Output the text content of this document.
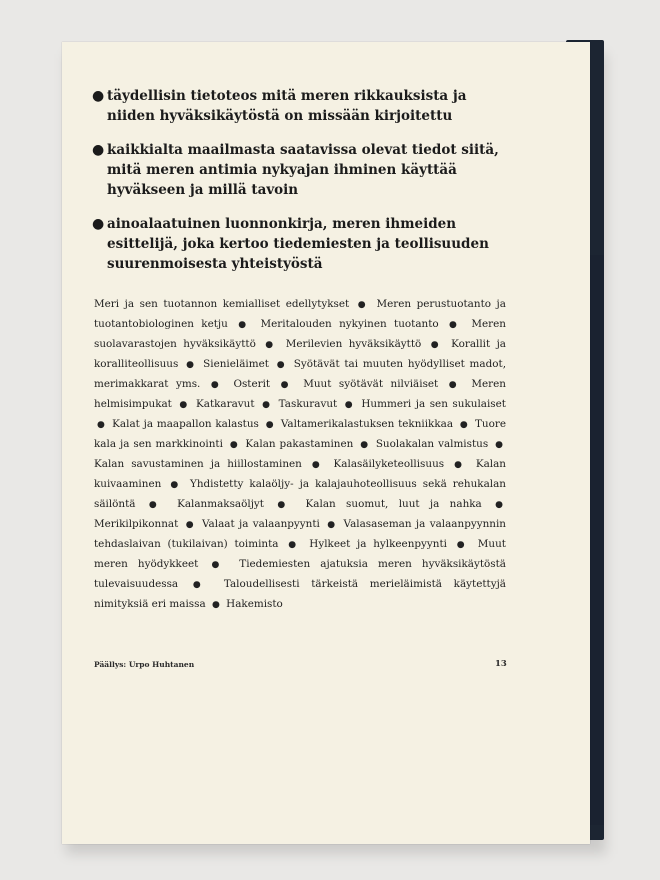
● täydellisin tietoteos mitä meren rikkauksista ja niiden hyväksikäytöstä on missään kirjoitettu
● kaikkialta maailmasta saatavissa olevat tiedot siitä, mitä meren antimia nykyajan ihminen käyttää hyväkseen ja millä tavoin
● ainoalaatuinen luonnonkirja, meren ihmeiden esittelijä, joka kertoo tiedemiesten ja teollisuuden suurenmoisesta yhteistyöstä
Meri ja sen tuotannon kemialliset edellytykset ● Meren perustuotanto ja tuotantobiologinen ketju ● Meritalouden nykyinen tuotanto ● Meren suolavarastojen hyväksikäyttö ● Merilevien hyväksikäyttö ● Korallit ja koralliteollisuus ● Sienieläimet ● Syötävät tai muuten hyödylliset madot, merimakkarat yms. ● Osterit ● Muut syötävät nilviäiset ● Meren helmisimpukat ● Katkaravut ● Taskuravut ● Hummeri ja sen sukulaiset ● Kalat ja maapallon kalastus ● Valtamerikalastuksen tekniikkaa ● Tuore kala ja sen markkinointi ● Kalan pakastaminen ● Suolakalan valmistus ● Kalan savustaminen ja hiillostaminen ● Kalasäilyketeollisuus ● Kalan kuivaaminen ● Yhdistetty kalaöljy- ja kalajauhoteollisuus sekä rehukalan säilöntä ● Kalanmaksaöljyt ● Kalan suomut, luut ja nahka ● Merikilpikonnat ● Valaat ja valaanpyynti ● Valasaseman ja valaanpyynnin tehdaslaivan (tukilaivan) toiminta ● Hylkeet ja hylkeenpyynti ● Muut meren hyödykkeet ● Tiedemiesten ajatuksia meren hyväksikäytöstä tulevaisuudessa ● Taloudellisesti tärkeistä merieläimistä käytettyjä nimityksiä eri maissa ● Hakemisto
Päällys: Urpo Huhtanen	13
